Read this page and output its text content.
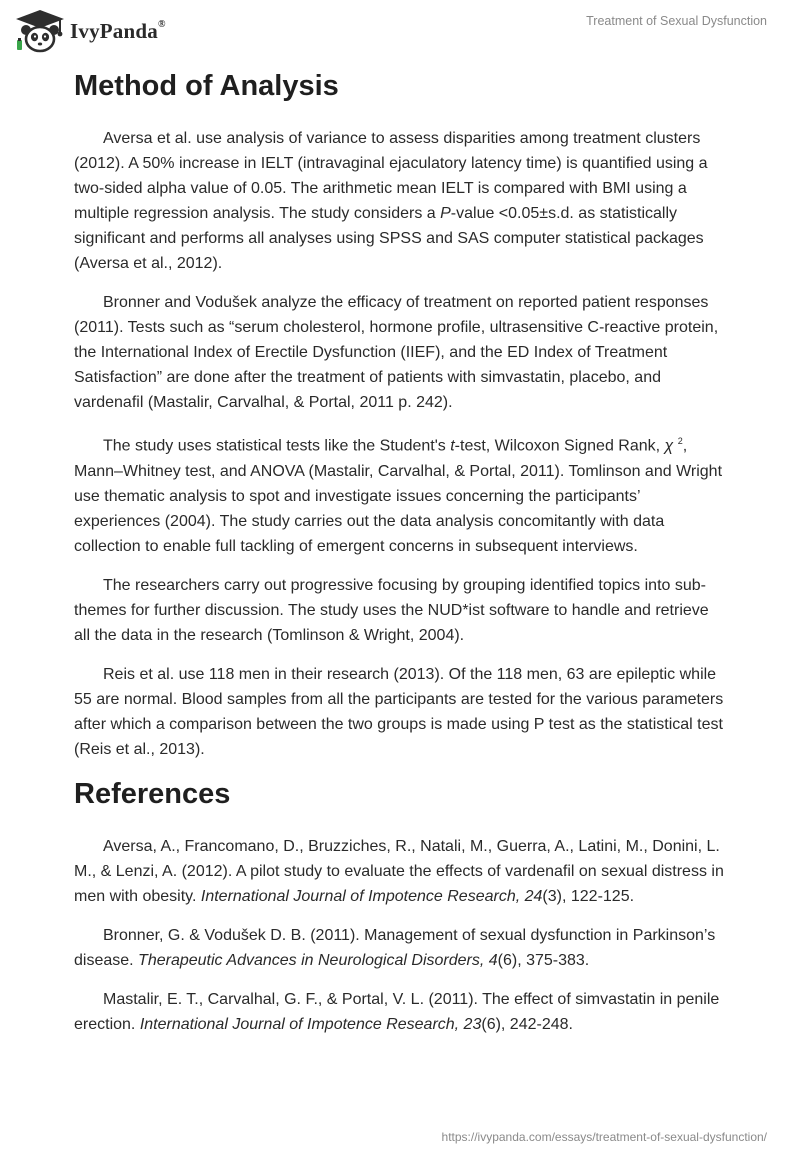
IvyPanda®	Treatment of Sexual Dysfunction
Method of Analysis

Aversa et al. use analysis of variance to assess disparities among treatment clusters (2012). A 50% increase in IELT (intravaginal ejaculatory latency time) is quantified using a two-sided alpha value of 0.05. The arithmetic mean IELT is compared with BMI using a multiple regression analysis. The study considers a P-value <0.05±s.d. as statistically significant and performs all analyses using SPSS and SAS computer statistical packages (Aversa et al., 2012).

Bronner and Vodušek analyze the efficacy of treatment on reported patient responses (2011). Tests such as “serum cholesterol, hormone profile, ultrasensitive C-reactive protein, the International Index of Erectile Dysfunction (IIEF), and the ED Index of Treatment Satisfaction” are done after the treatment of patients with simvastatin, placebo, and vardenafil (Mastalir, Carvalhal, & Portal, 2011 p. 242).

The study uses statistical tests like the Student's t-test, Wilcoxon Signed Rank, χ $^2$, Mann–Whitney test, and ANOVA (Mastalir, Carvalhal, & Portal, 2011). Tomlinson and Wright use thematic analysis to spot and investigate issues concerning the participants’ experiences (2004). The study carries out the data analysis concomitantly with data collection to enable full tackling of emergent concerns in subsequent interviews.

The researchers carry out progressive focusing by grouping identified topics into sub-themes for further discussion. The study uses the NUD*ist software to handle and retrieve all the data in the research (Tomlinson & Wright, 2004).

Reis et al. use 118 men in their research (2013). Of the 118 men, 63 are epileptic while 55 are normal. Blood samples from all the participants are tested for the various parameters after which a comparison between the two groups is made using P test as the statistical test (Reis et al., 2013).

References

Aversa, A., Francomano, D., Bruzziches, R., Natali, M., Guerra, A., Latini, M., Donini, L. M., & Lenzi, A. (2012). A pilot study to evaluate the effects of vardenafil on sexual distress in men with obesity. International Journal of Impotence Research, 24(3), 122-125.

Bronner, G. & Vodušek D. B. (2011). Management of sexual dysfunction in Parkinson’s disease. Therapeutic Advances in Neurological Disorders, 4(6), 375-383.

Mastalir, E. T., Carvalhal, G. F., & Portal, V. L. (2011). The effect of simvastatin in penile erection. International Journal of Impotence Research, 23(6), 242-248.

https://ivypanda.com/essays/treatment-of-sexual-dysfunction/
